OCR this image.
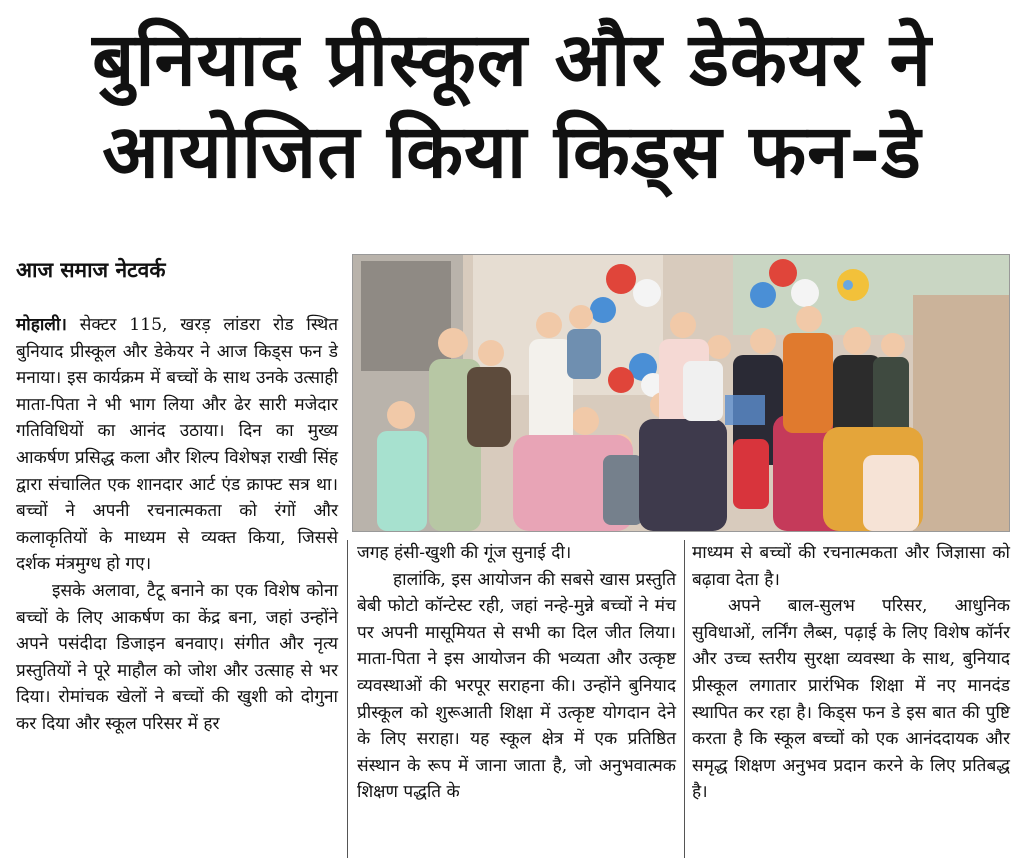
बुनियाद प्रीस्कूल और डेकेयर ने
आयोजित किया किड्स फन-डे
आज समाज नेटवर्क

मोहाली। सेक्टर 115, खरड़ लांडरा रोड स्थित बुनियाद प्रीस्कूल और डेकेयर ने आज किड्स फन डे मनाया। इस कार्यक्रम में बच्चों के साथ उनके उत्साही माता-पिता ने भी भाग लिया और ढेर सारी मजेदार गतिविधियों का आनंद उठाया। दिन का मुख्य आकर्षण प्रसिद्ध कला और शिल्प विशेषज्ञ राखी सिंह द्वारा संचालित एक शानदार आर्ट एंड क्राफ्ट सत्र था। बच्चों ने अपनी रचनात्मकता को रंगों और कलाकृतियों के माध्यम से व्यक्त किया, जिससे दर्शक मंत्रमुग्ध हो गए।

इसके अलावा, टैटू बनाने का एक विशेष कोना बच्चों के लिए आकर्षण का केंद्र बना, जहां उन्होंने अपने पसंदीदा डिजाइन बनवाए। संगीत और नृत्य प्रस्तुतियों ने पूरे माहौल को जोश और उत्साह से भर दिया। रोमांचक खेलों ने बच्चों की खुशी को दोगुना कर दिया और स्कूल परिसर में हर

जगह हंसी-खुशी की गूंज सुनाई दी।

हालांकि, इस आयोजन की सबसे खास प्रस्तुति बेबी फोटो कॉन्टेस्ट रही, जहां नन्हे-मुन्ने बच्चों ने मंच पर अपनी मासूमियत से सभी का दिल जीत लिया। माता-पिता ने इस आयोजन की भव्यता और उत्कृष्ट व्यवस्थाओं की भरपूर सराहना की। उन्होंने बुनियाद प्रीस्कूल को शुरूआती शिक्षा में उत्कृष्ट योगदान देने के लिए सराहा। यह स्कूल क्षेत्र में एक प्रतिष्ठित संस्थान के रूप में जाना जाता है, जो अनुभवात्मक शिक्षण पद्धति के

माध्यम से बच्चों की रचनात्मकता और जिज्ञासा को बढ़ावा देता है।

अपने बाल-सुलभ परिसर, आधुनिक सुविधाओं, लर्निंग लैब्स, पढ़ाई के लिए विशेष कॉर्नर और उच्च स्तरीय सुरक्षा व्यवस्था के साथ, बुनियाद प्रीस्कूल लगातार प्रारंभिक शिक्षा में नए मानदंड स्थापित कर रहा है। किड्स फन डे इस बात की पुष्टि करता है कि स्कूल बच्चों को एक आनंददायक और समृद्ध शिक्षण अनुभव प्रदान करने के लिए प्रतिबद्ध है।
